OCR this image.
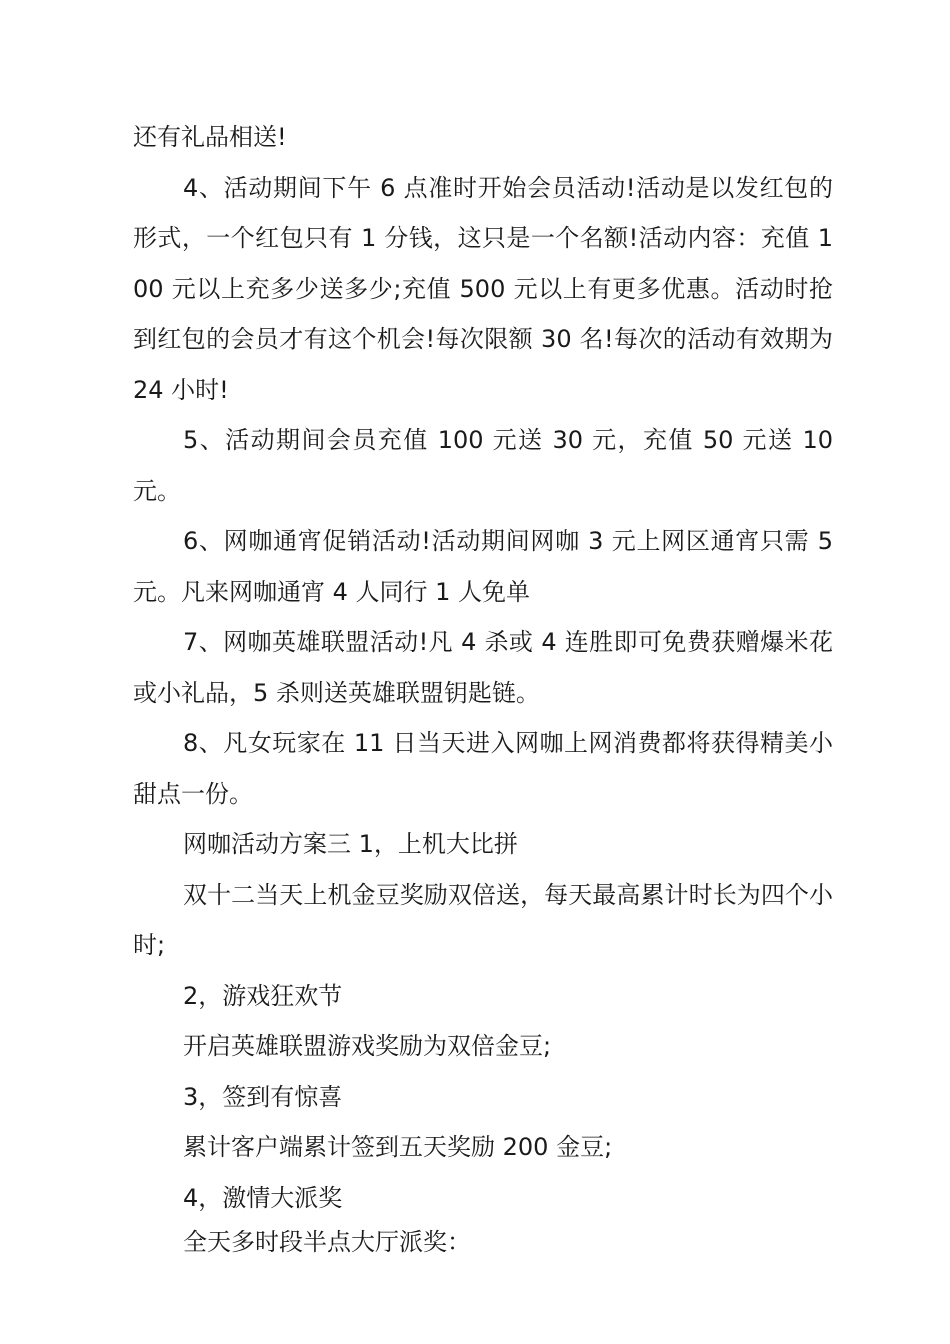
还有礼品相送!

4、活动期间下午 6 点准时开始会员活动!活动是以发红包的形式，一个红包只有 1 分钱，这只是一个名额!活动内容：充值 100 元以上充多少送多少;充值 500 元以上有更多优惠。活动时抢到红包的会员才有这个机会!每次限额 30 名!每次的活动有效期为 24 小时!

5、活动期间会员充值 100 元送 30 元，充值 50 元送 10 元。

6、网咖通宵促销活动!活动期间网咖 3 元上网区通宵只需 5 元。凡来网咖通宵 4 人同行 1 人免单

7、网咖英雄联盟活动!凡 4 杀或 4 连胜即可免费获赠爆米花或小礼品，5 杀则送英雄联盟钥匙链。

8、凡女玩家在 11 日当天进入网咖上网消费都将获得精美小甜点一份。

网咖活动方案三 1，上机大比拼

双十二当天上机金豆奖励双倍送，每天最高累计时长为四个小时;

2，游戏狂欢节

开启英雄联盟游戏奖励为双倍金豆;

3，签到有惊喜

累计客户端累计签到五天奖励 200 金豆;

4，激情大派奖

全天多时段半点大厅派奖：
